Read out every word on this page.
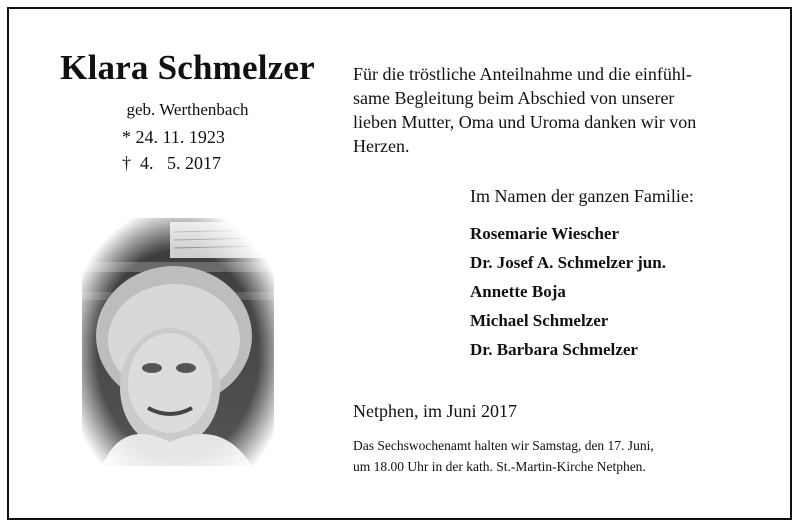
Klara Schmelzer
geb. Werthenbach
* 24. 11. 1923
†  4.   5. 2017
Für die tröstliche Anteilnahme und die einfühl-
same Begleitung beim Abschied von unserer
lieben Mutter, Oma und Uroma danken wir von
Herzen.
Im Namen der ganzen Familie:
Rosemarie Wiescher
Dr. Josef A. Schmelzer jun.
Annette Boja
Michael Schmelzer
Dr. Barbara Schmelzer
Netphen, im Juni 2017
Das Sechswochenamt halten wir Samstag, den 17. Juni,
um 18.00 Uhr in der kath. St.-Martin-Kirche Netphen.
